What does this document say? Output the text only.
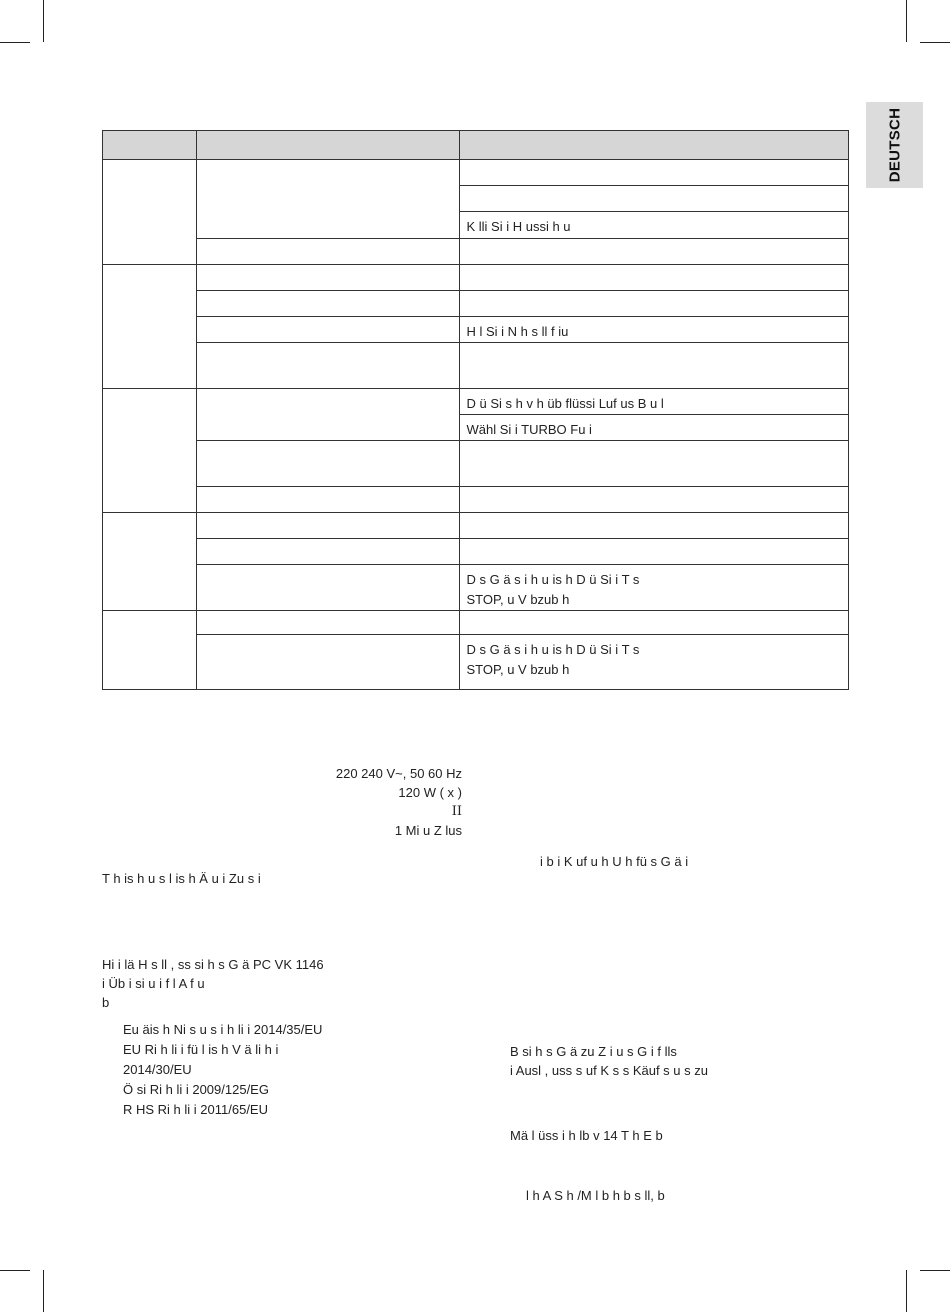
DEUTSCH

		K lli Si i H ussi h u

		H l Si i N h s ll f iu

		D ü Si s h v h üb flüssi Luf us B u l
		Wähl Si i TURBO Fu i

		D s G ä s i h u is h D ü Si i T s
STOP, u V bzub h

		D s G ä s i h u is h D ü Si i T s
STOP, u V bzub h
220 240 V~, 50 60 Hz
120 W ( x )
II
1 Mi u Z lus
T h is h u s l is h Ä u i Zu s i
Hi i lä H s ll , ss si h s G ä PC VK 1146
i Üb i si u i f l A f u
b
Eu äis h Ni s u s i h li i 2014/35/EU
EU Ri h li i fü l is h V ä li h i
2014/30/EU
Ö si Ri h li i 2009/125/EG
R HS Ri h li i 2011/65/EU
i b i K uf u h U h fü s G ä i
B si h s G ä zu Z i u s G i f lls
i Ausl , uss s uf K s s Käuf s u s zu
Mä l üss i h lb v 14 T h E b
l h A S h /M l b h b s ll, b
